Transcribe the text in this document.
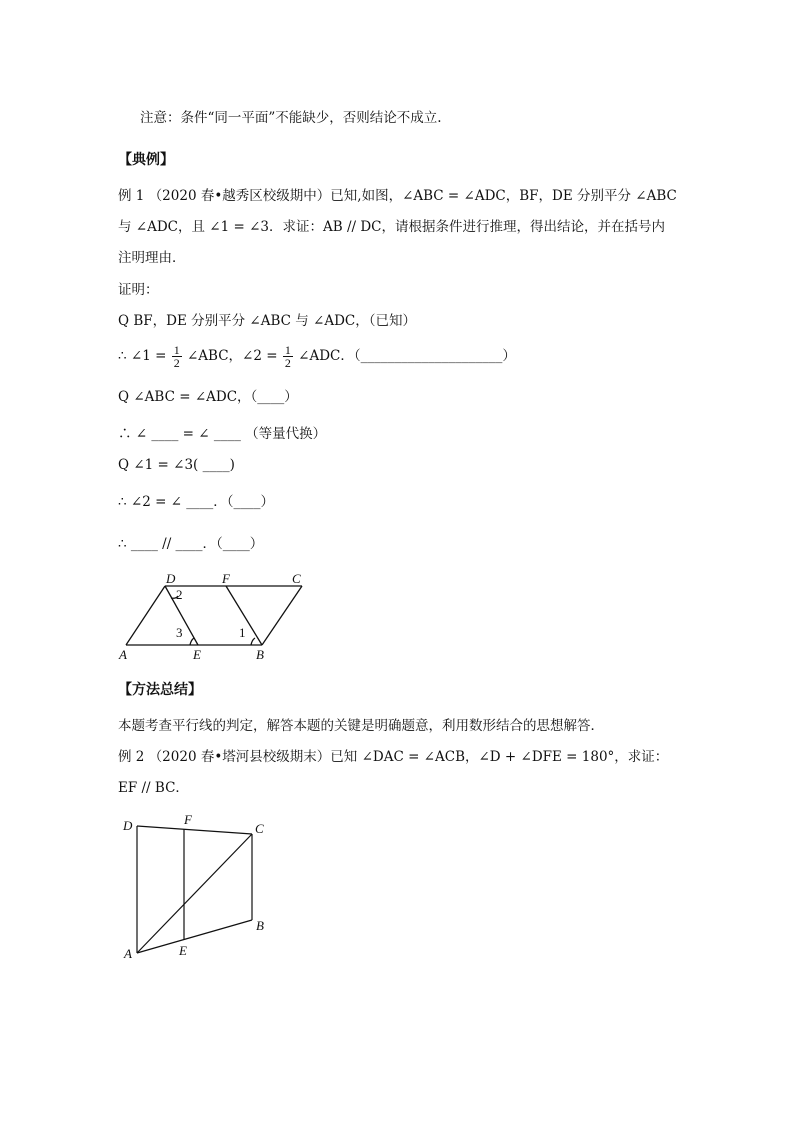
注意：条件“同一平面”不能缺少，否则结论不成立.
【典例】
例 1 （2020 春•越秀区校级期中）已知,如图，∠ABC = ∠ADC，BF，DE 分别平分 ∠ABC
与 ∠ADC，且 ∠1 = ∠3．求证：AB // DC，请根据条件进行推理，得出结论，并在括号内
注明理由．
证明：
Q BF，DE 分别平分 ∠ABC 与 ∠ADC，（已知）
∴ ∠1 = $\frac{1}{2}$ ∠ABC，∠2 = $\frac{1}{2}$ ∠ADC．（_____________________）
Q ∠ABC = ∠ADC，（____）
∴ ∠ ____ = ∠ ____ （等量代换）
Q ∠1 = ∠3( ____)
∴ ∠2 = ∠ ____．（____）
∴ ____ // ____．（____）
D	F	C
A	E	B
2
3	1
【方法总结】
本题考查平行线的判定，解答本题的关键是明确题意，利用数形结合的思想解答．
例 2 （2020 春•塔河县校级期末）已知 ∠DAC = ∠ACB，∠D + ∠DFE = 180°，求证：
EF // BC．
D	F
C
B
A	E
